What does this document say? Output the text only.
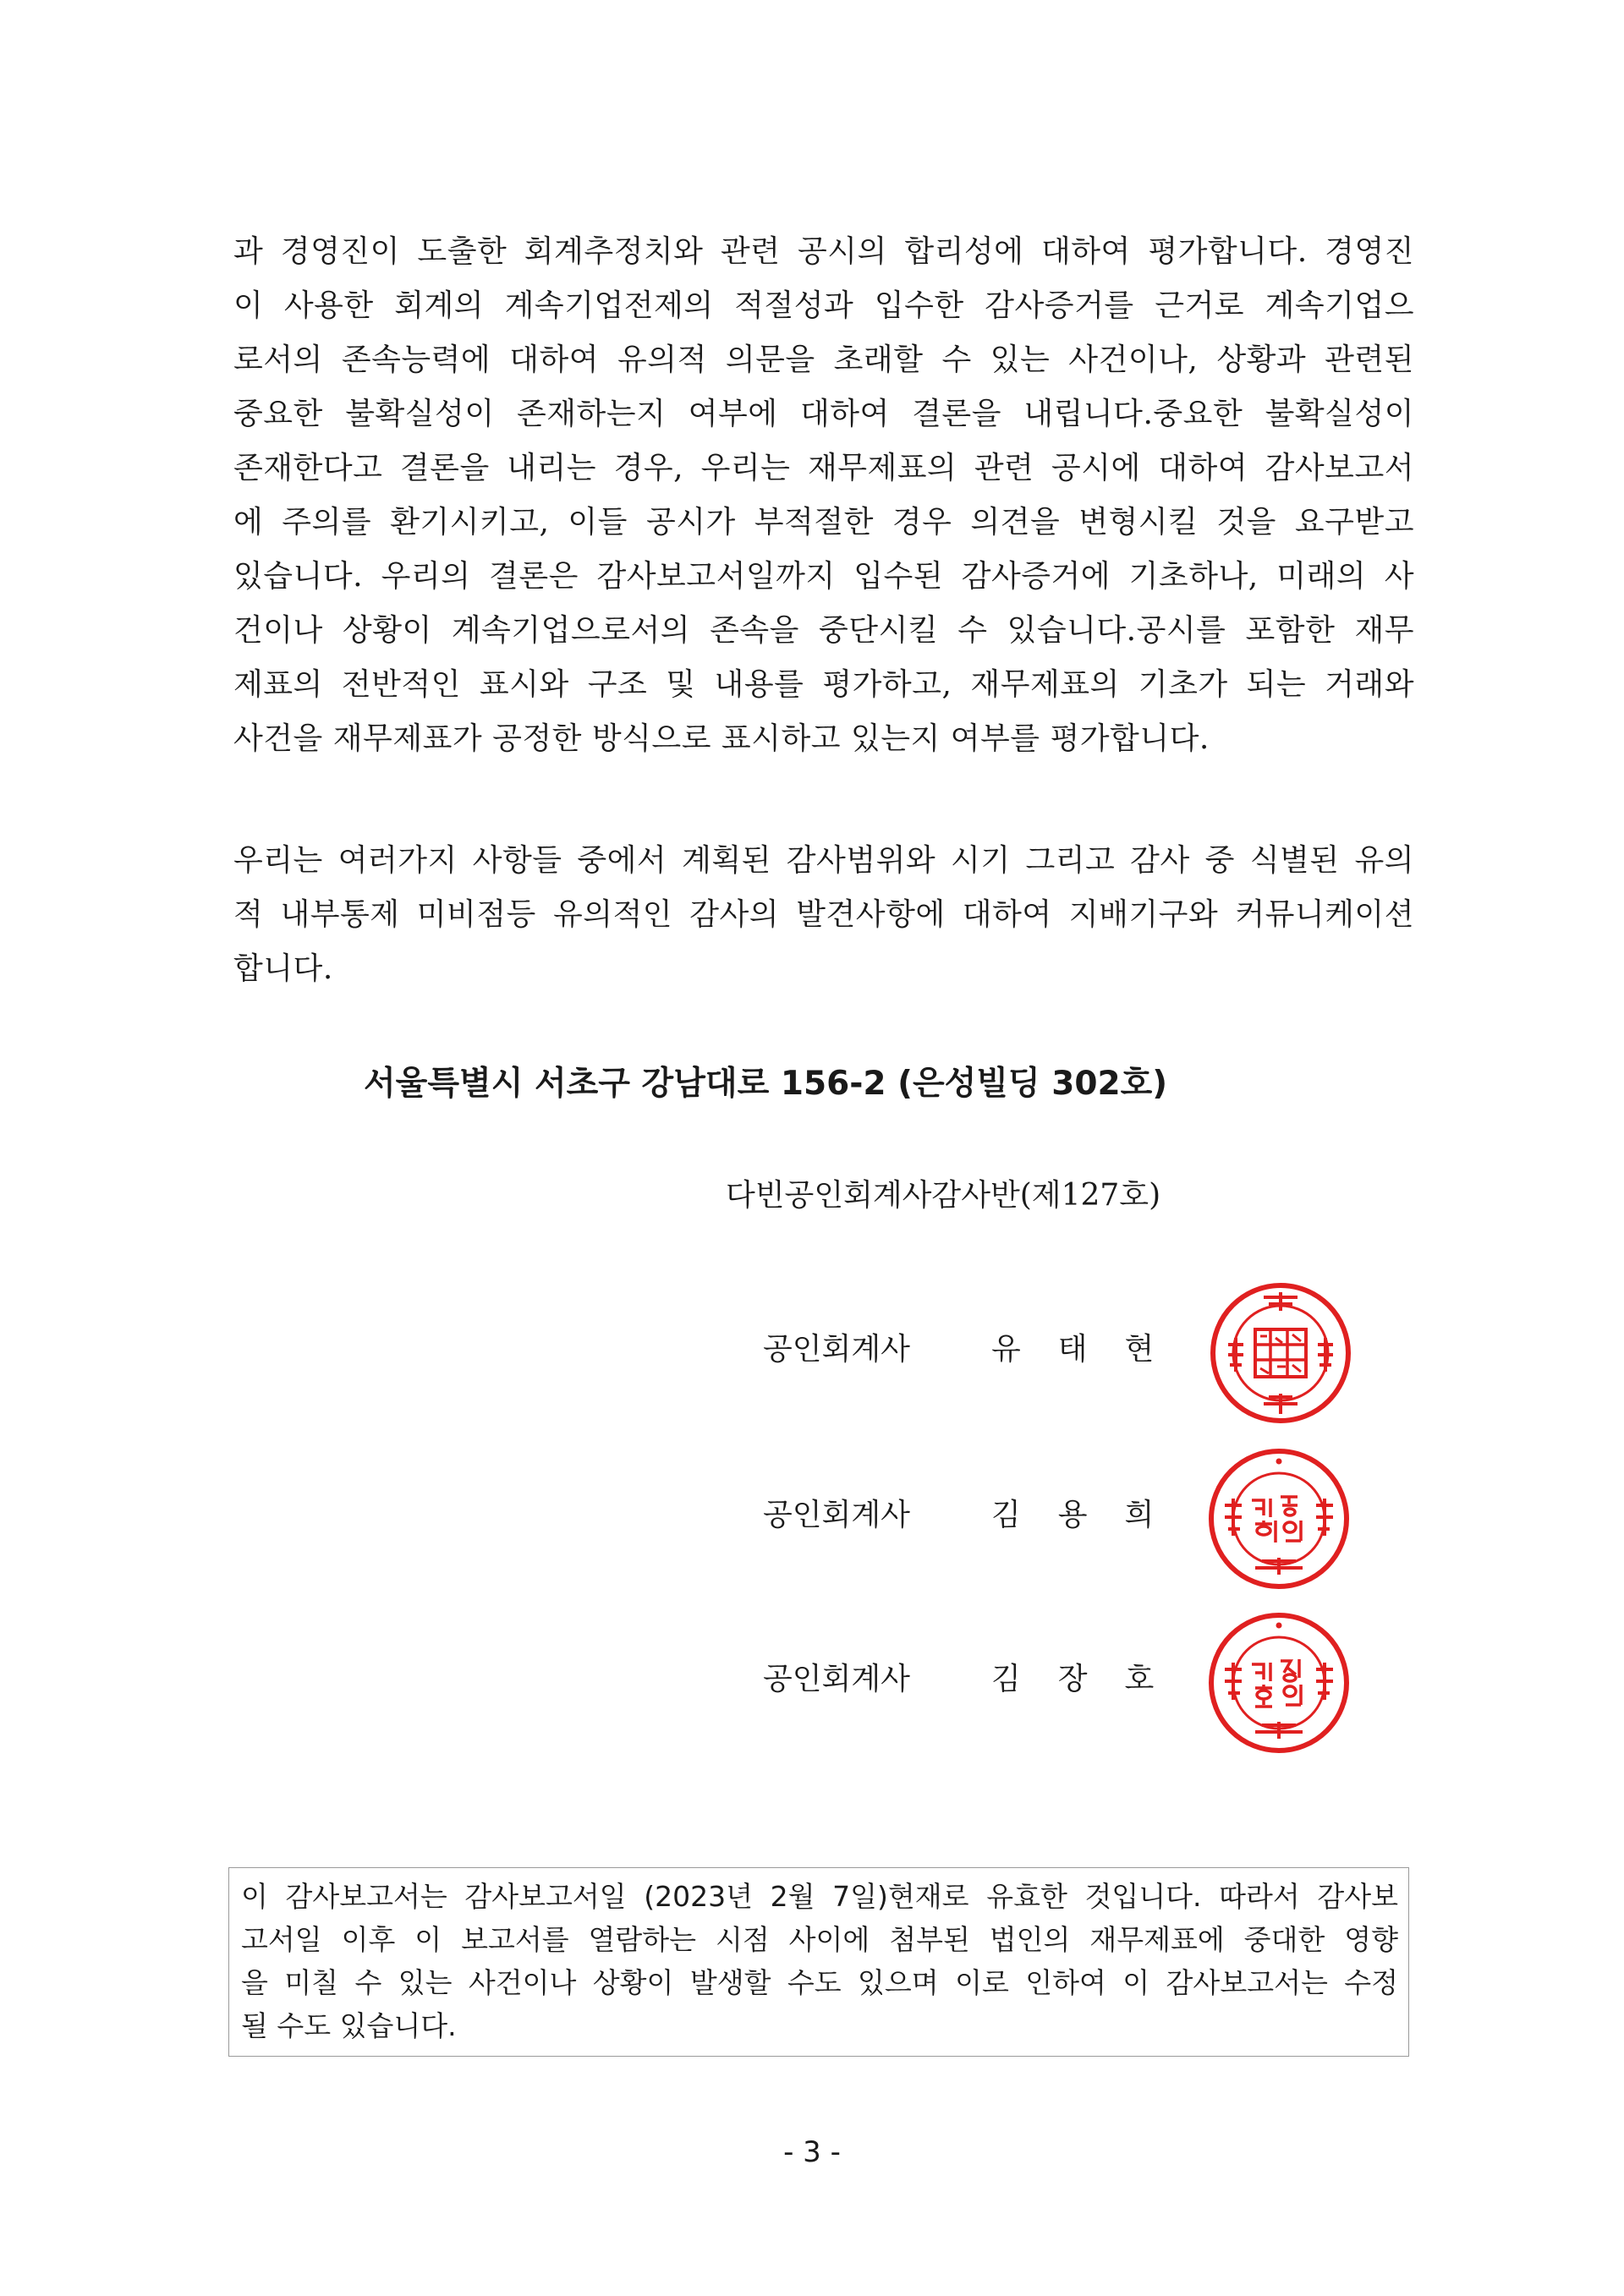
과 경영진이 도출한 회계추정치와 관련 공시의 합리성에 대하여 평가합니다. 경영진
이 사용한 회계의 계속기업전제의 적절성과 입수한 감사증거를 근거로 계속기업으
로서의 존속능력에 대하여 유의적 의문을 초래할 수 있는 사건이나, 상황과 관련된
중요한 불확실성이 존재하는지 여부에 대하여 결론을 내립니다.중요한 불확실성이
존재한다고 결론을 내리는 경우, 우리는 재무제표의 관련 공시에 대하여 감사보고서
에 주의를 환기시키고, 이들 공시가 부적절한 경우 의견을 변형시킬 것을 요구받고
있습니다. 우리의 결론은 감사보고서일까지 입수된 감사증거에 기초하나, 미래의 사
건이나 상황이 계속기업으로서의 존속을 중단시킬 수 있습니다.공시를 포함한 재무
제표의 전반적인 표시와 구조 및 내용를 평가하고, 재무제표의 기초가 되는 거래와
사건을 재무제표가 공정한 방식으로 표시하고 있는지 여부를 평가합니다.
우리는 여러가지 사항들 중에서 계획된 감사범위와 시기 그리고 감사 중 식별된 유의
적 내부통제 미비점등 유의적인 감사의 발견사항에 대하여 지배기구와 커뮤니케이션
합니다.
서울특별시 서초구 강남대로 156-2 (은성빌딩 302호)
다빈공인회계사감사반(제127호)
공인회계사	유태현
공인회계사	김용희
공인회계사	김장호
이 감사보고서는 감사보고서일 (2023년 2월 7일)현재로 유효한 것입니다. 따라서 감사보
고서일 이후 이 보고서를 열람하는 시점 사이에 첨부된 법인의 재무제표에 중대한 영향
을 미칠 수 있는 사건이나 상황이 발생할 수도 있으며 이로 인하여 이 감사보고서는 수정
될 수도 있습니다.
- 3 -
